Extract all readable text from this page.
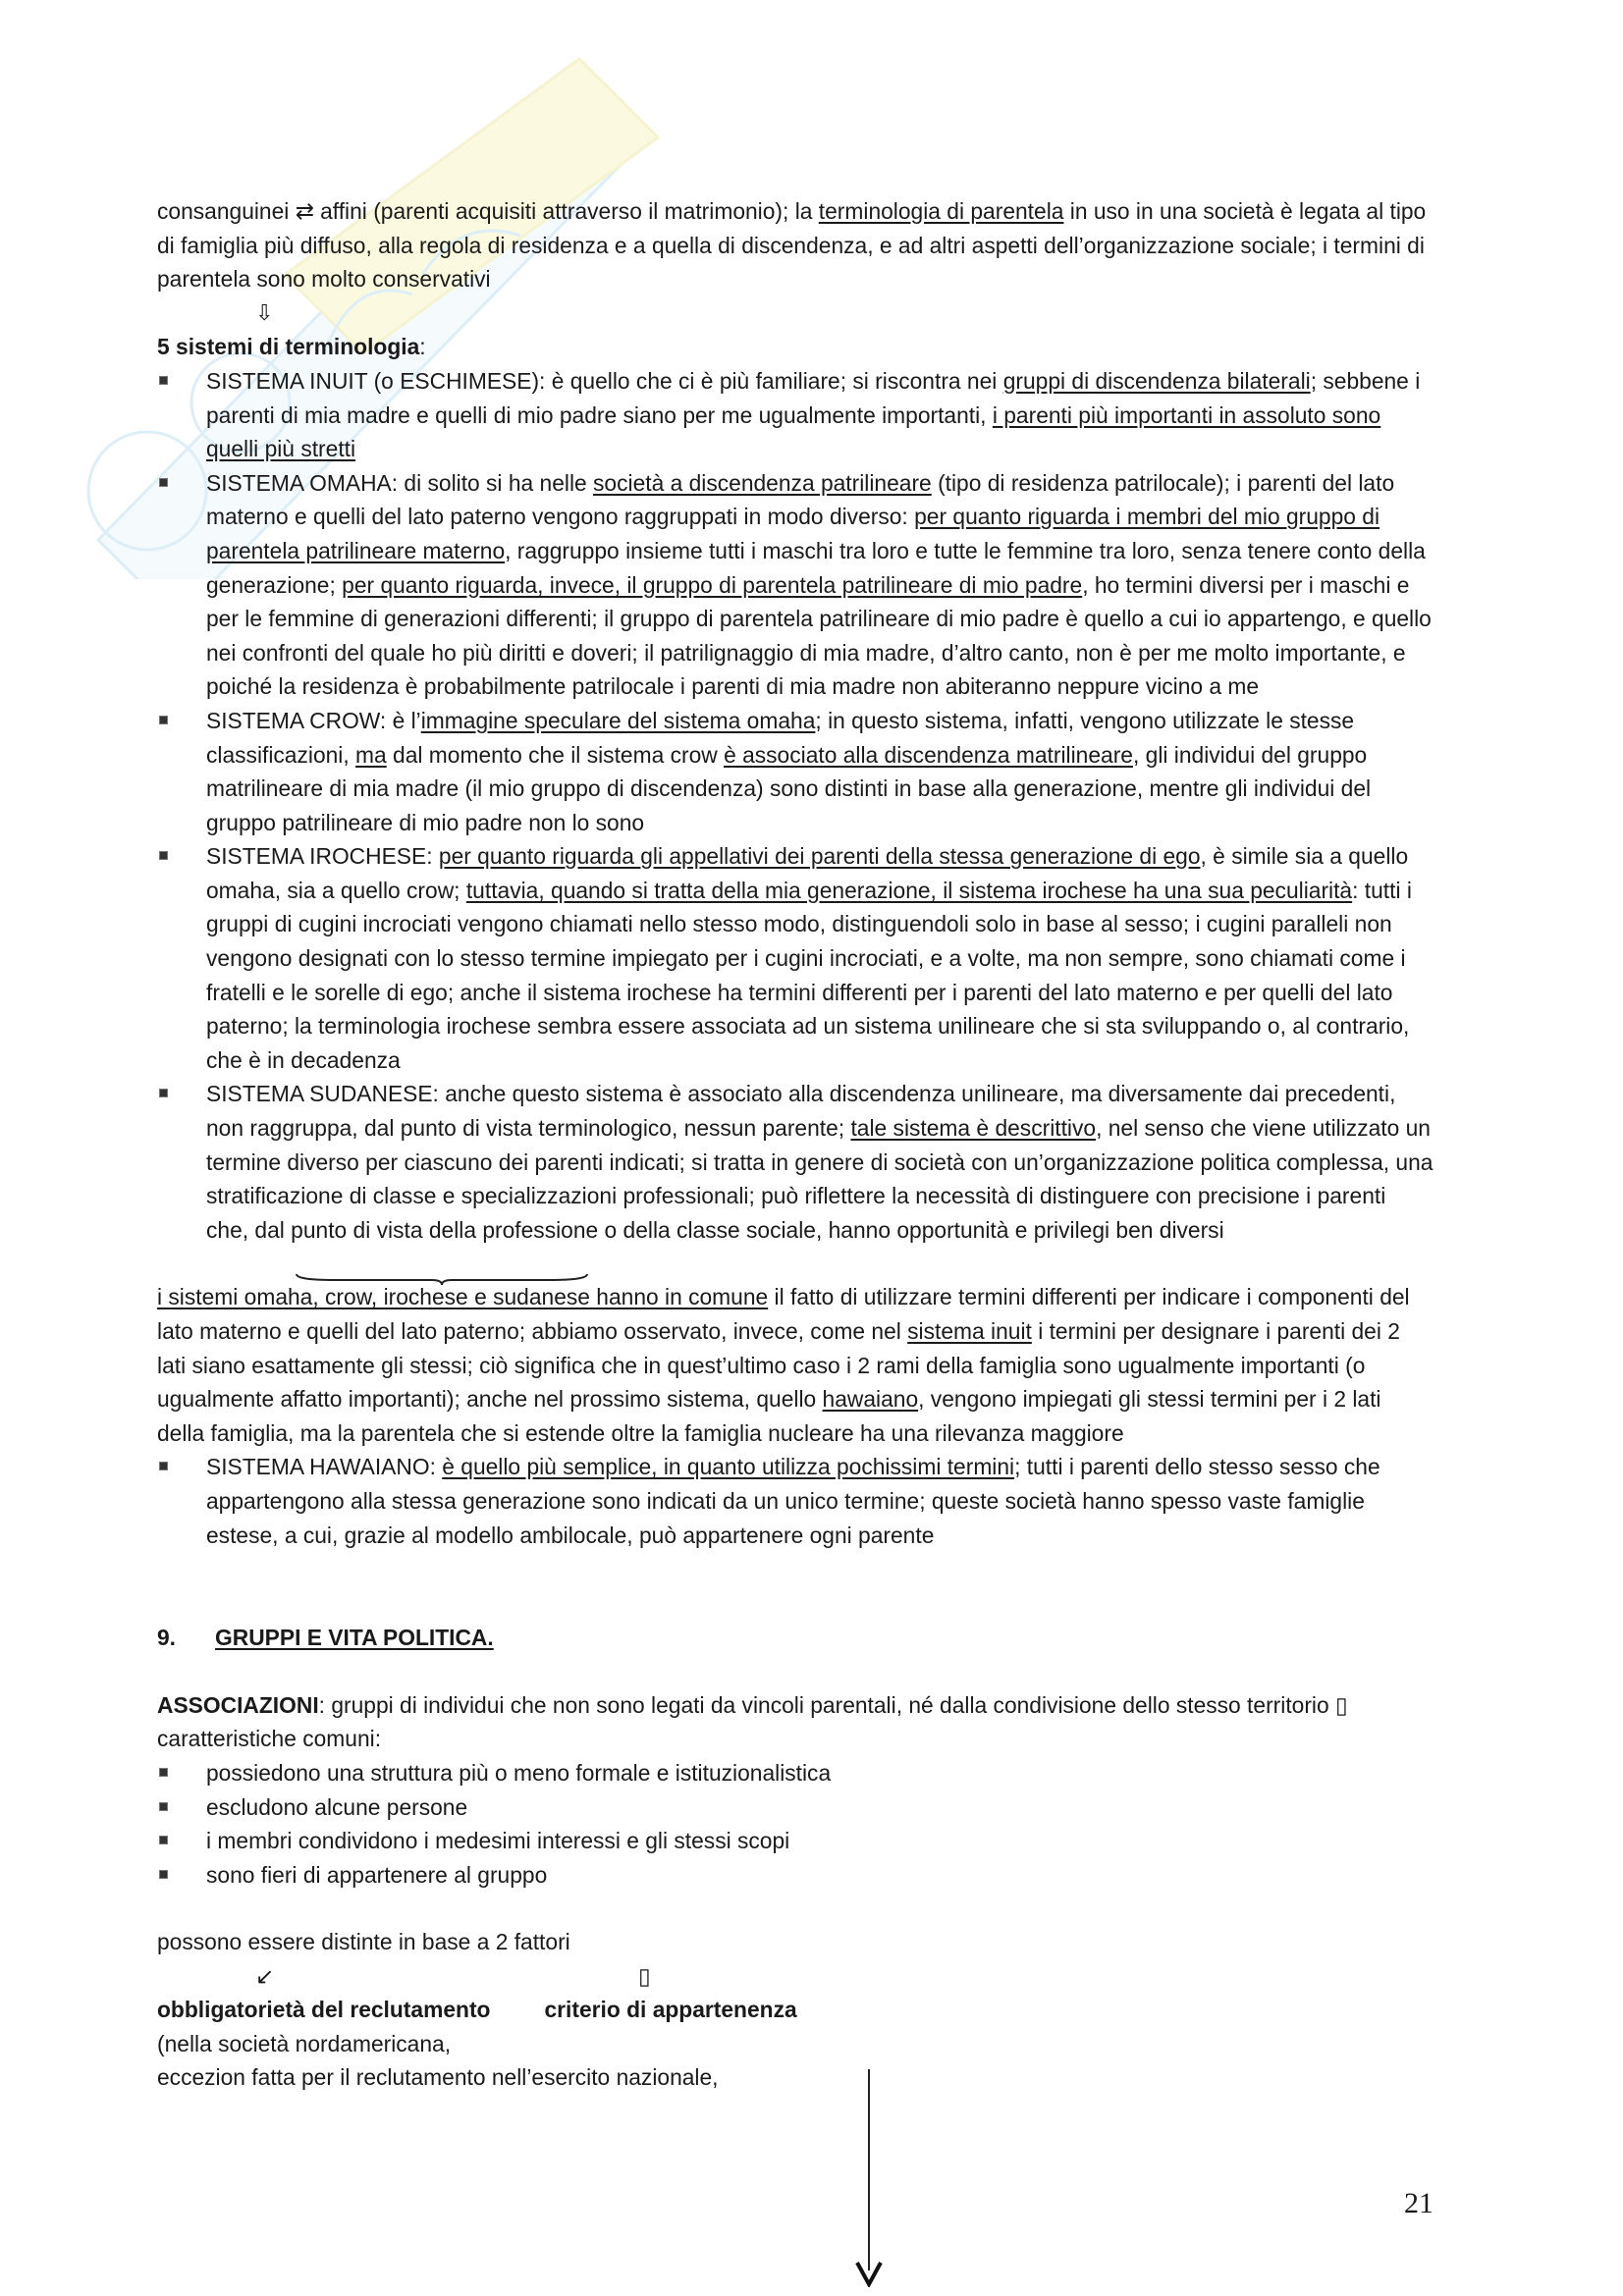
consanguinei ⇄ affini (parenti acquisiti attraverso il matrimonio); la terminologia di parentela in uso in una società è legata al tipo di famiglia più diffuso, alla regola di residenza e a quella di discendenza, e ad altri aspetti dell’organizzazione sociale; i termini di parentela sono molto conservativi

⇩

5 sistemi di terminologia:

SISTEMA INUIT (o ESCHIMESE): è quello che ci è più familiare; si riscontra nei gruppi di discendenza bilaterali; sebbene i parenti di mia madre e quelli di mio padre siano per me ugualmente importanti, i parenti più importanti in assoluto sono quelli più stretti

SISTEMA OMAHA: di solito si ha nelle società a discendenza patrilineare (tipo di residenza patrilocale); i parenti del lato materno e quelli del lato paterno vengono raggruppati in modo diverso: per quanto riguarda i membri del mio gruppo di parentela patrilineare materno, raggruppo insieme tutti i maschi tra loro e tutte le femmine tra loro, senza tenere conto della generazione; per quanto riguarda, invece, il gruppo di parentela patrilineare di mio padre, ho termini diversi per i maschi e per le femmine di generazioni differenti; il gruppo di parentela patrilineare di mio padre è quello a cui io appartengo, e quello nei confronti del quale ho più diritti e doveri; il patrilignaggio di mia madre, d’altro canto, non è per me molto importante, e poiché la residenza è probabilmente patrilocale i parenti di mia madre non abiteranno neppure vicino a me

SISTEMA CROW: è l’immagine speculare del sistema omaha; in questo sistema, infatti, vengono utilizzate le stesse classificazioni, ma dal momento che il sistema crow è associato alla discendenza matrilineare, gli individui del gruppo matrilineare di mia madre (il mio gruppo di discendenza) sono distinti in base alla generazione, mentre gli individui del gruppo patrilineare di mio padre non lo sono

SISTEMA IROCHESE: per quanto riguarda gli appellativi dei parenti della stessa generazione di ego, è simile sia a quello omaha, sia a quello crow; tuttavia, quando si tratta della mia generazione, il sistema irochese ha una sua peculiarità: tutti i gruppi di cugini incrociati vengono chiamati nello stesso modo, distinguendoli solo in base al sesso; i cugini paralleli non vengono designati con lo stesso termine impiegato per i cugini incrociati, e a volte, ma non sempre, sono chiamati come i fratelli e le sorelle di ego; anche il sistema irochese ha termini differenti per i parenti del lato materno e per quelli del lato paterno; la terminologia irochese sembra essere associata ad un sistema unilineare che si sta sviluppando o, al contrario, che è in decadenza

SISTEMA SUDANESE: anche questo sistema è associato alla discendenza unilineare, ma diversamente dai precedenti, non raggruppa, dal punto di vista terminologico, nessun parente; tale sistema è descrittivo, nel senso che viene utilizzato un termine diverso per ciascuno dei parenti indicati; si tratta in genere di società con un’organizzazione politica complessa, una stratificazione di classe e specializzazioni professionali; può riflettere la necessità di distinguere con precisione i parenti che, dal punto di vista della professione o della classe sociale, hanno opportunità e privilegi ben diversi

i sistemi omaha, crow, irochese e sudanese hanno in comune il fatto di utilizzare termini differenti per indicare i componenti del lato materno e quelli del lato paterno; abbiamo osservato, invece, come nel sistema inuit i termini per designare i parenti dei 2 lati siano esattamente gli stessi; ciò significa che in quest’ultimo caso i 2 rami della famiglia sono ugualmente importanti (o ugualmente affatto importanti); anche nel prossimo sistema, quello hawaiano, vengono impiegati gli stessi termini per i 2 lati della famiglia, ma la parentela che si estende oltre la famiglia nucleare ha una rilevanza maggiore

SISTEMA HAWAIANO: è quello più semplice, in quanto utilizza pochissimi termini; tutti i parenti dello stesso sesso che appartengono alla stessa generazione sono indicati da un unico termine; queste società hanno spesso vaste famiglie estese, a cui, grazie al modello ambilocale, può appartenere ogni parente

9. GRUPPI E VITA POLITICA.

ASSOCIAZIONI: gruppi di individui che non sono legati da vincoli parentali, né dalla condivisione dello stesso territorio ▯
caratteristiche comuni:

possiedono una struttura più o meno formale e istituzionalistica

escludono alcune persone

i membri condividono i medesimi interessi e gli stessi scopi

sono fieri di appartenere al gruppo

possono essere distinte in base a 2 fattori

↙	▯

obbligatorietà del reclutamento criterio di appartenenza

(nella società nordamericana,

eccezion fatta per il reclutamento nell’esercito nazionale,

21
